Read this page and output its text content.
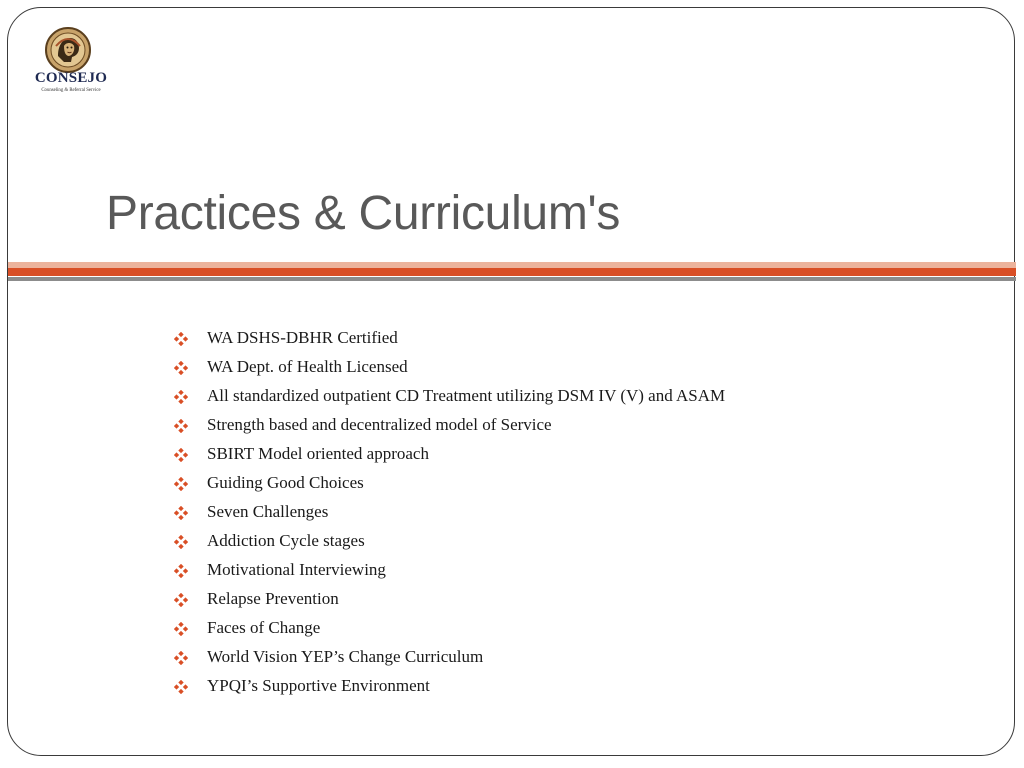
CONSEJO
Counseling & Referral Service
Practices & Curriculum's
WA DSHS-DBHR Certified
WA Dept. of Health Licensed
All standardized outpatient CD Treatment utilizing DSM IV (V) and ASAM
Strength based and decentralized model of Service
SBIRT Model oriented approach
Guiding Good Choices
Seven Challenges
Addiction Cycle stages
Motivational Interviewing
Relapse Prevention
Faces of Change
World Vision YEP’s Change Curriculum
YPQI’s Supportive Environment
